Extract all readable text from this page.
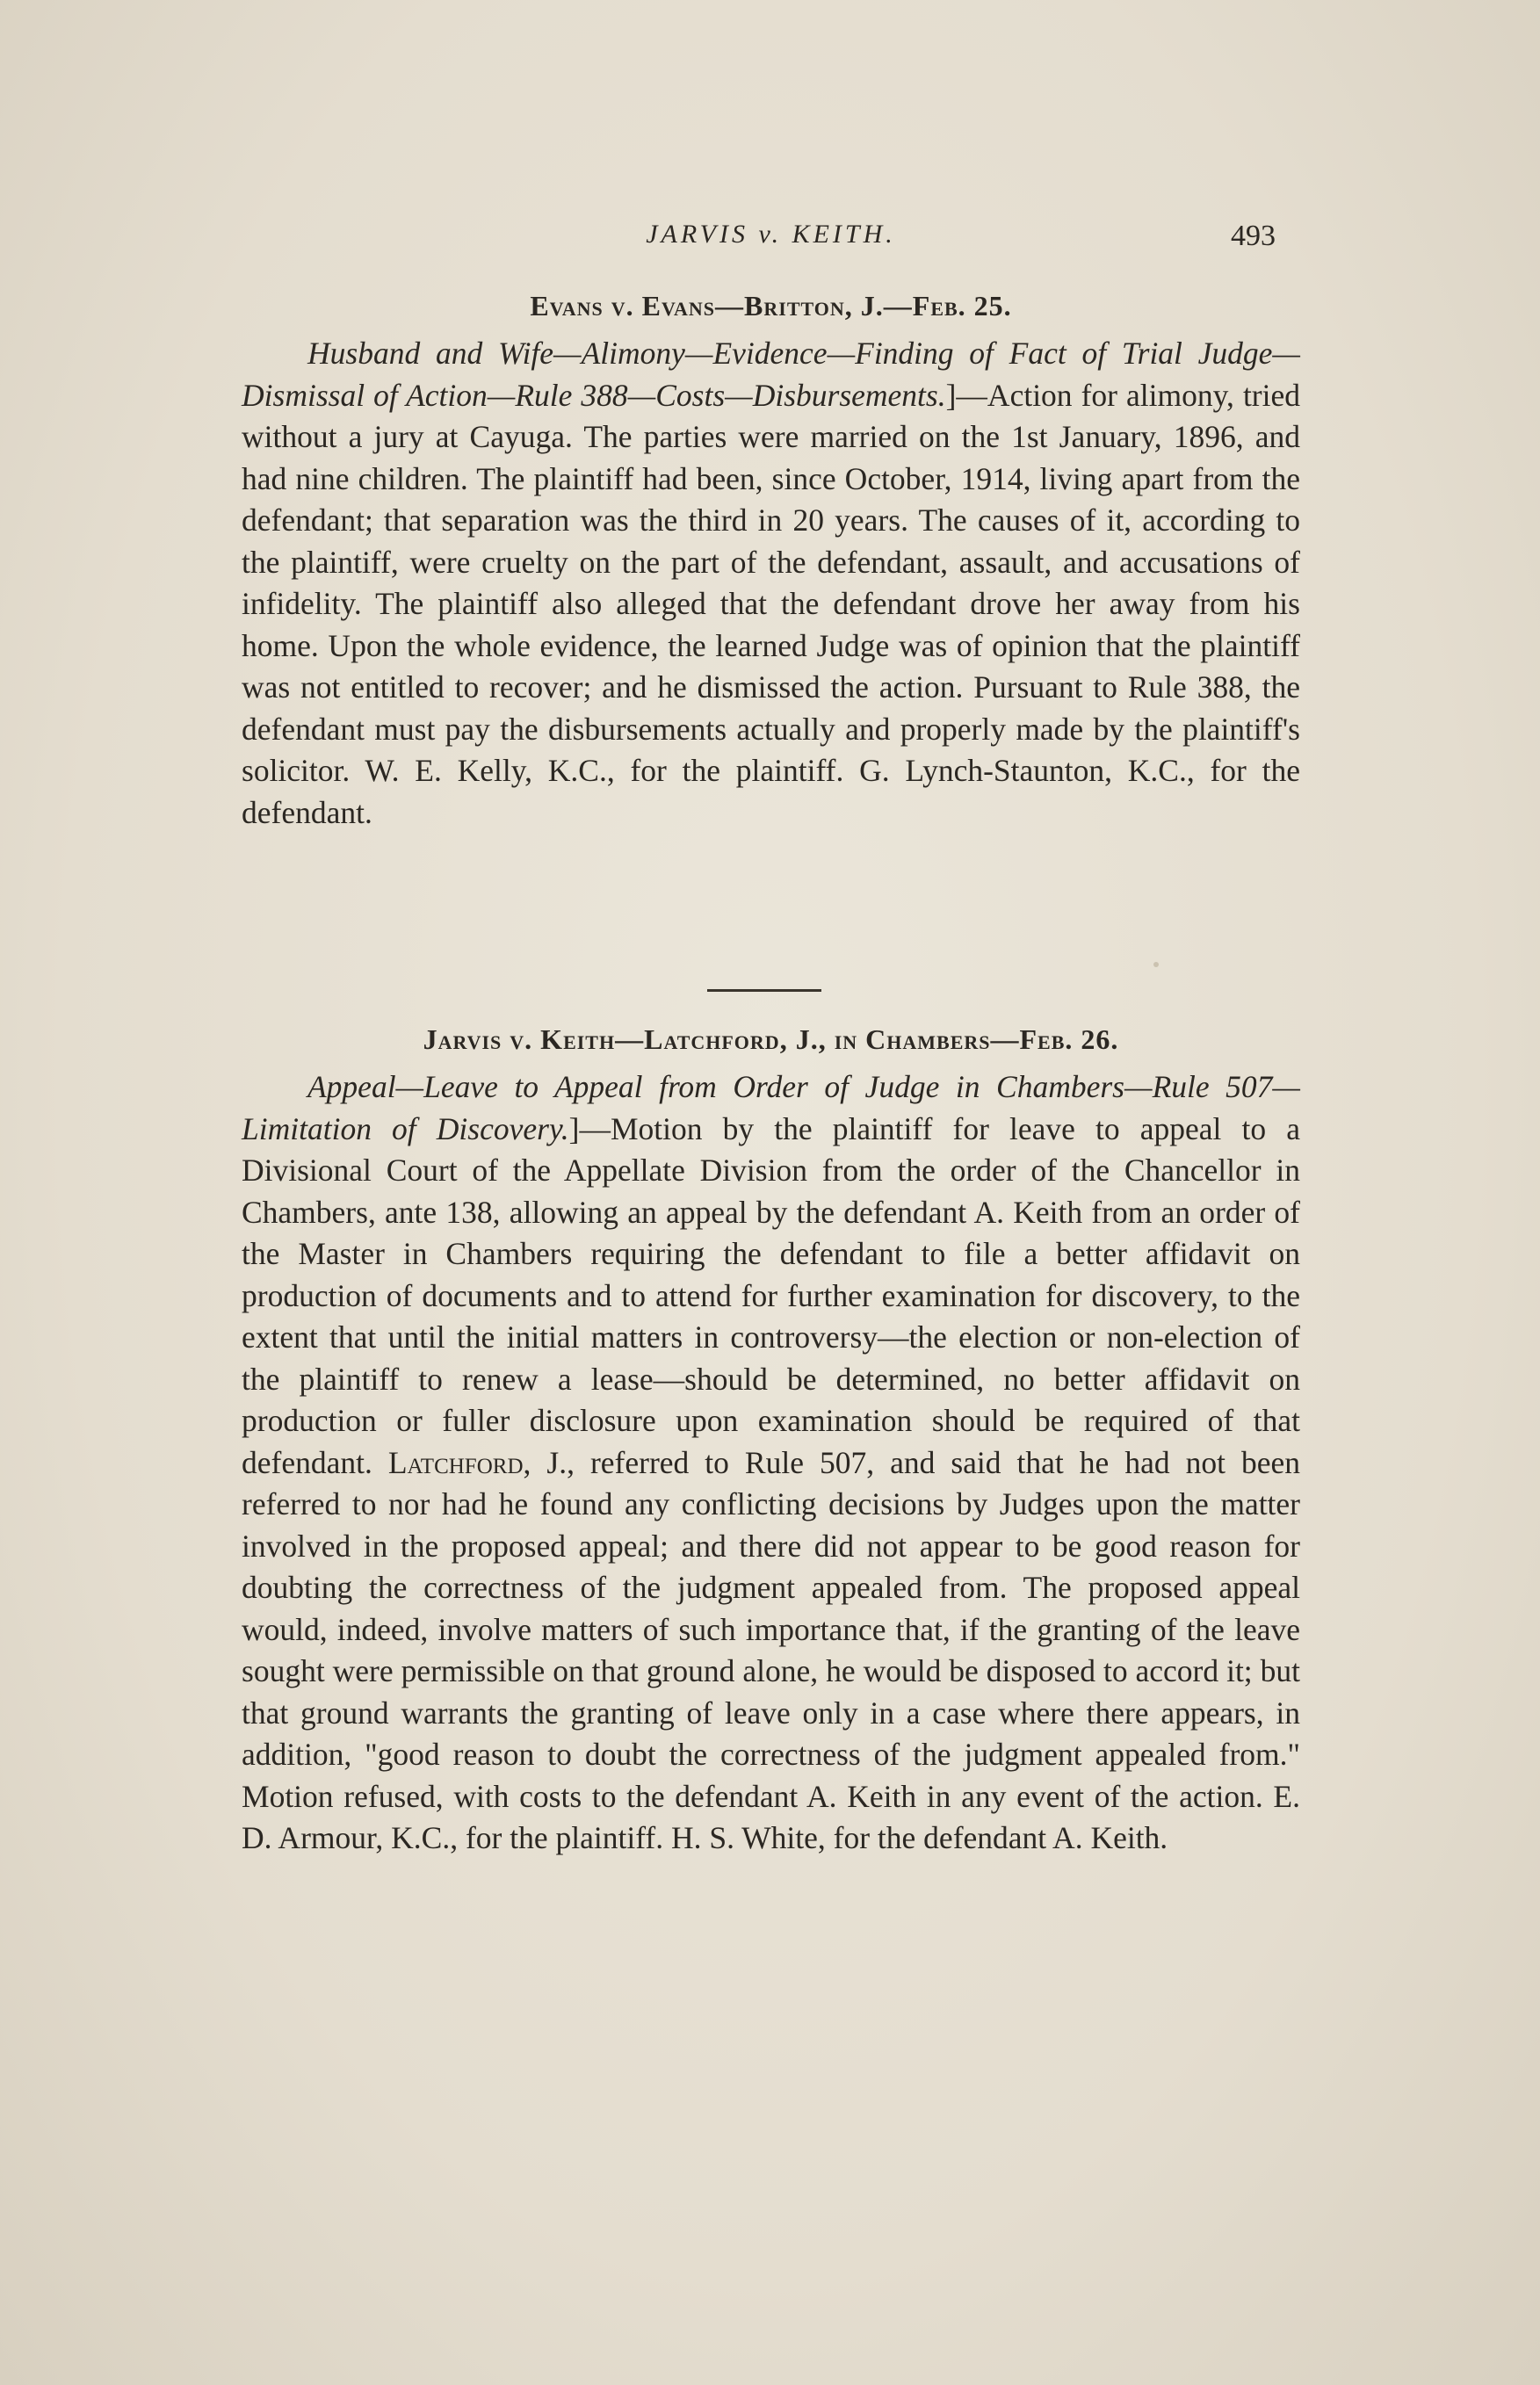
JARVIS v. KEITH.	493
Evans v. Evans—Britton, J.—Feb. 25.

Husband and Wife—Alimony—Evidence—Finding of Fact of Trial Judge—Dismissal of Action—Rule 388—Costs—Disbursements.]—Action for alimony, tried without a jury at Cayuga. The parties were married on the 1st January, 1896, and had nine children. The plaintiff had been, since October, 1914, living apart from the defendant; that separation was the third in 20 years. The causes of it, according to the plaintiff, were cruelty on the part of the defendant, assault, and accusations of infidelity. The plaintiff also alleged that the defendant drove her away from his home. Upon the whole evidence, the learned Judge was of opinion that the plaintiff was not entitled to recover; and he dismissed the action. Pursuant to Rule 388, the defendant must pay the disbursements actually and properly made by the plaintiff's solicitor. W. E. Kelly, K.C., for the plaintiff. G. Lynch-Staunton, K.C., for the defendant.

Jarvis v. Keith—Latchford, J., in Chambers—Feb. 26.

Appeal—Leave to Appeal from Order of Judge in Chambers—Rule 507—Limitation of Discovery.]—Motion by the plaintiff for leave to appeal to a Divisional Court of the Appellate Division from the order of the Chancellor in Chambers, ante 138, allowing an appeal by the defendant A. Keith from an order of the Master in Chambers requiring the defendant to file a better affidavit on production of documents and to attend for further examination for discovery, to the extent that until the initial matters in controversy—the election or non-election of the plaintiff to renew a lease—should be determined, no better affidavit on production or fuller disclosure upon examination should be required of that defendant. Latchford, J., referred to Rule 507, and said that he had not been referred to nor had he found any conflicting decisions by Judges upon the matter involved in the proposed appeal; and there did not appear to be good reason for doubting the correctness of the judgment appealed from. The proposed appeal would, indeed, involve matters of such importance that, if the granting of the leave sought were permissible on that ground alone, he would be disposed to accord it; but that ground warrants the granting of leave only in a case where there appears, in addition, "good reason to doubt the correctness of the judgment appealed from." Motion refused, with costs to the defendant A. Keith in any event of the action. E. D. Armour, K.C., for the plaintiff. H. S. White, for the defendant A. Keith.
